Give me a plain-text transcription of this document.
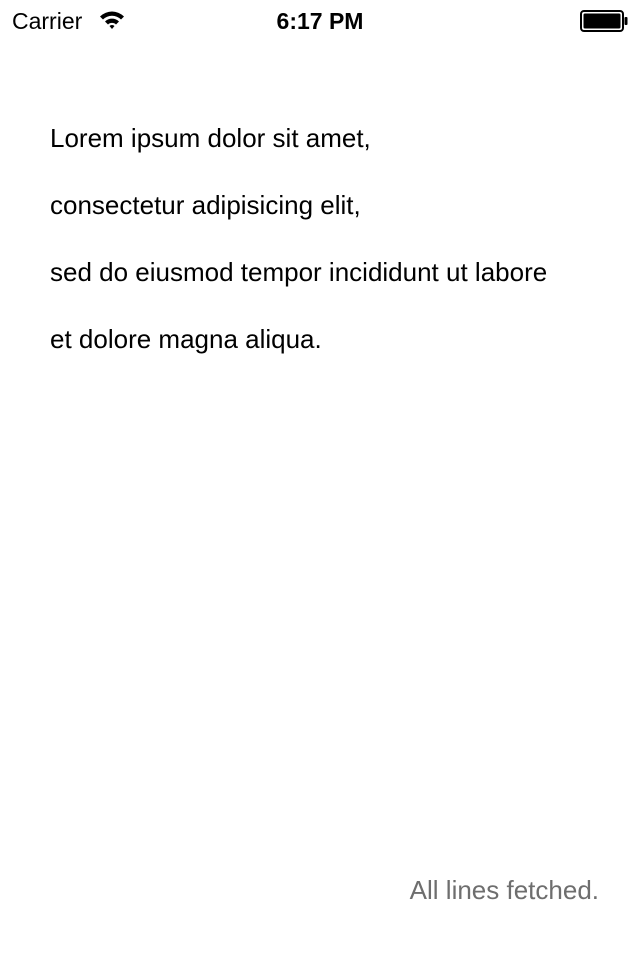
Carrier	6:17 PM

Lorem ipsum dolor sit amet,

consectetur adipisicing elit,

sed do eiusmod tempor incididunt ut labore

et dolore magna aliqua.

All lines fetched.
